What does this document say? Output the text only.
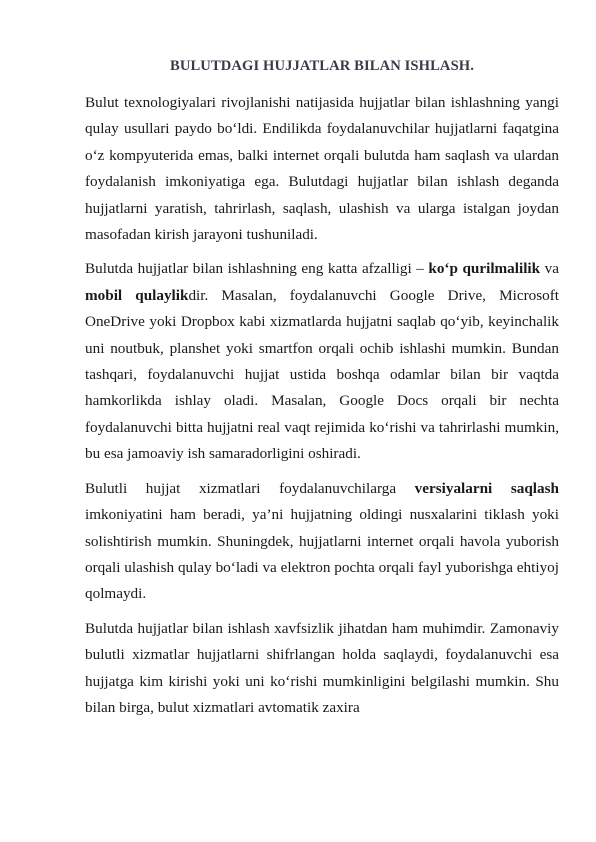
BULUTDAGI HUJJATLAR BILAN ISHLASH.

Bulut texnologiyalari rivojlanishi natijasida hujjatlar bilan ishlashning yangi qulay usullari paydo boʻldi. Endilikda foydalanuvchilar hujjatlarni faqatgina oʻz kompyuterida emas, balki internet orqali bulutda ham saqlash va ulardan foydalanish imkoniyatiga ega. Bulutdagi hujjatlar bilan ishlash deganda hujjatlarni yaratish, tahrirlash, saqlash, ulashish va ularga istalgan joydan masofadan kirish jarayoni tushuniladi.

Bulutda hujjatlar bilan ishlashning eng katta afzalligi – koʻp qurilmalilik va mobil qulaylikdir. Masalan, foydalanuvchi Google Drive, Microsoft OneDrive yoki Dropbox kabi xizmatlarda hujjatni saqlab qoʻyib, keyinchalik uni noutbuk, planshet yoki smartfon orqali ochib ishlashi mumkin. Bundan tashqari, foydalanuvchi hujjat ustida boshqa odamlar bilan bir vaqtda hamkorlikda ishlay oladi. Masalan, Google Docs orqali bir nechta foydalanuvchi bitta hujjatni real vaqt rejimida koʻrishi va tahrirlashi mumkin, bu esa jamoaviy ish samaradorligini oshiradi.

Bulutli hujjat xizmatlari foydalanuvchilarga versiyalarni saqlash imkoniyatini ham beradi, ya’ni hujjatning oldingi nusxalarini tiklash yoki solishtirish mumkin. Shuningdek, hujjatlarni internet orqali havola yuborish orqali ulashish qulay boʻladi va elektron pochta orqali fayl yuborishga ehtiyoj qolmaydi.

Bulutda hujjatlar bilan ishlash xavfsizlik jihatdan ham muhimdir. Zamonaviy bulutli xizmatlar hujjatlarni shifrlangan holda saqlaydi, foydalanuvchi esa hujjatga kim kirishi yoki uni koʻrishi mumkinligini belgilashi mumkin. Shu bilan birga, bulut xizmatlari avtomatik zaxira
